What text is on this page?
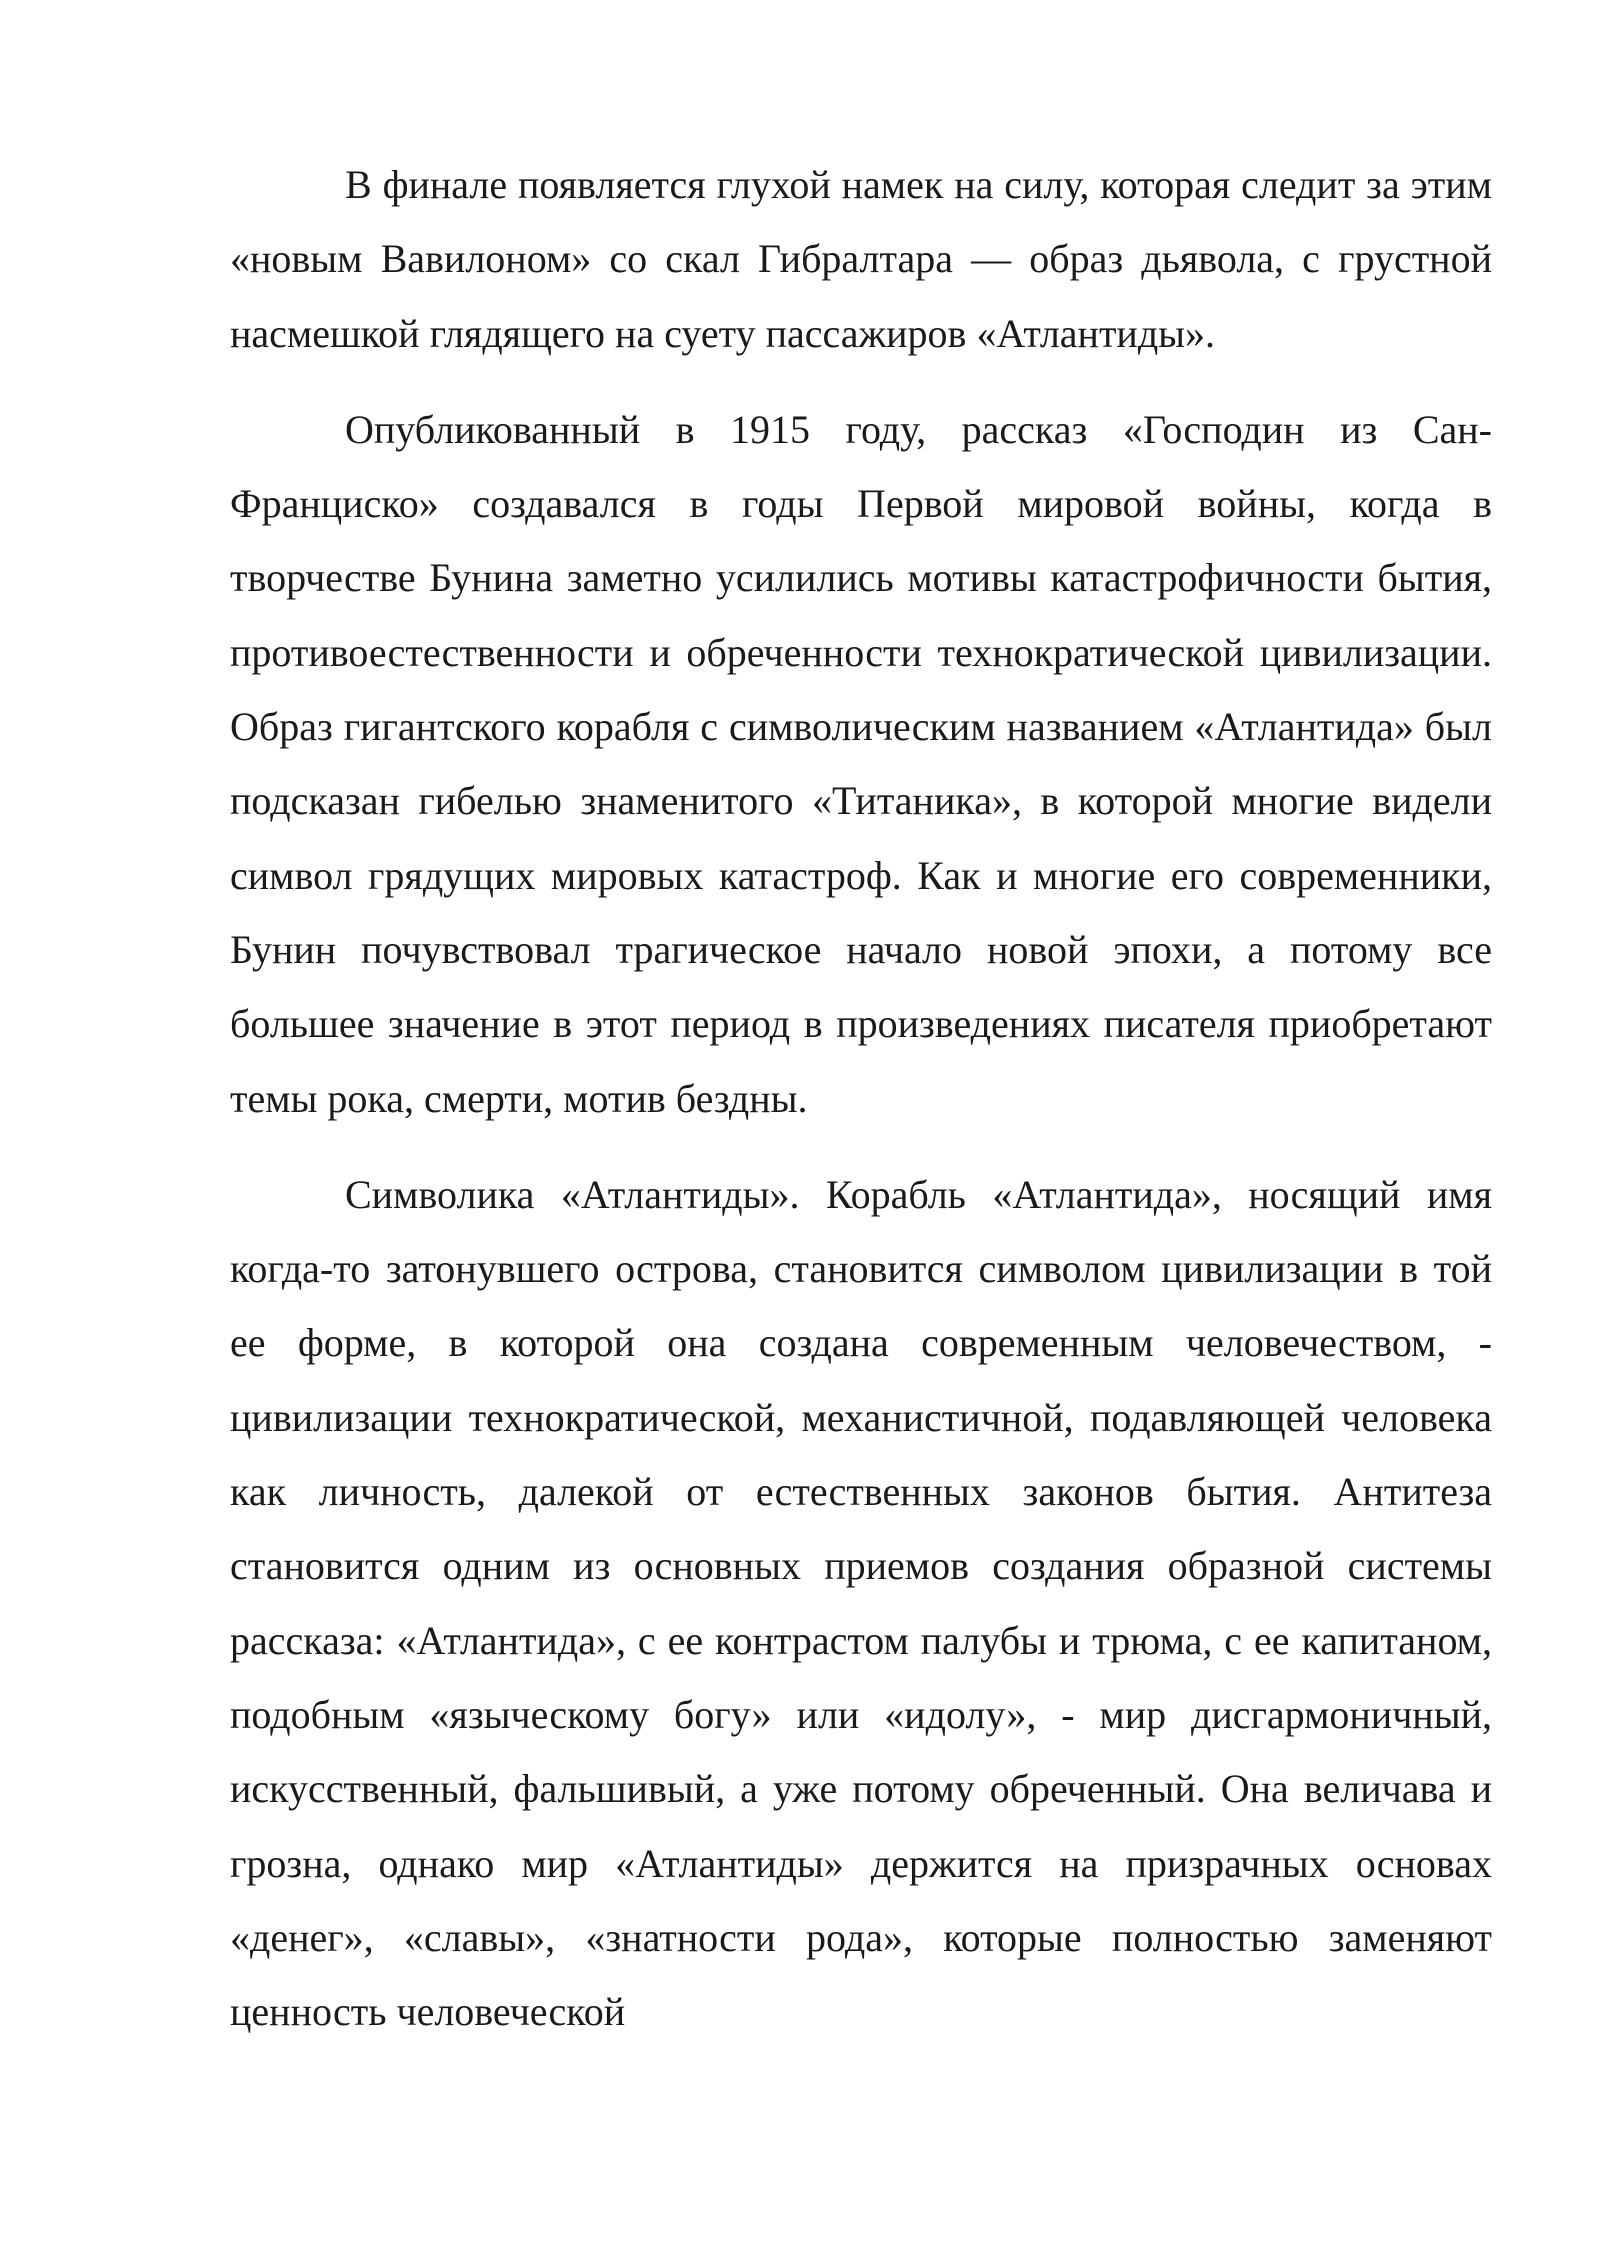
В финале появляется глухой намек на силу, которая следит за этим «новым Вавилоном» со скал Гибралтара — образ дьявола, с грустной насмешкой глядящего на суету пассажиров «Атлантиды».

Опубликованный в 1915 году, рассказ «Господин из Сан-Франциско» создавался в годы Первой мировой войны, когда в творчестве Бунина заметно усилились мотивы катастрофичности бытия, противоестественности и обреченности технократической цивилизации. Образ гигантского корабля с символическим названием «Атлантида» был подсказан гибелью знаменитого «Титаника», в которой многие видели символ грядущих мировых катастроф. Как и многие его современники, Бунин почувствовал трагическое начало новой эпохи, а потому все большее значение в этот период в произведениях писателя приобретают темы рока, смерти, мотив бездны.

Символика «Атлантиды». Корабль «Атлантида», носящий имя когда-то затонувшего острова, становится символом цивилизации в той ее форме, в которой она создана современным человечеством, - цивилизации технократической, механистичной, подавляющей человека как личность, далекой от естественных законов бытия. Антитеза становится одним из основных приемов создания образной системы рассказа: «Атлантида», с ее контрастом палубы и трюма, с ее капитаном, подобным «языческому богу» или «идолу», - мир дисгармоничный, искусственный, фальшивый, а уже потому обреченный. Она величава и грозна, однако мир «Атлантиды» держится на призрачных основах «денег», «славы», «знатности рода», которые полностью заменяют ценность человеческой
